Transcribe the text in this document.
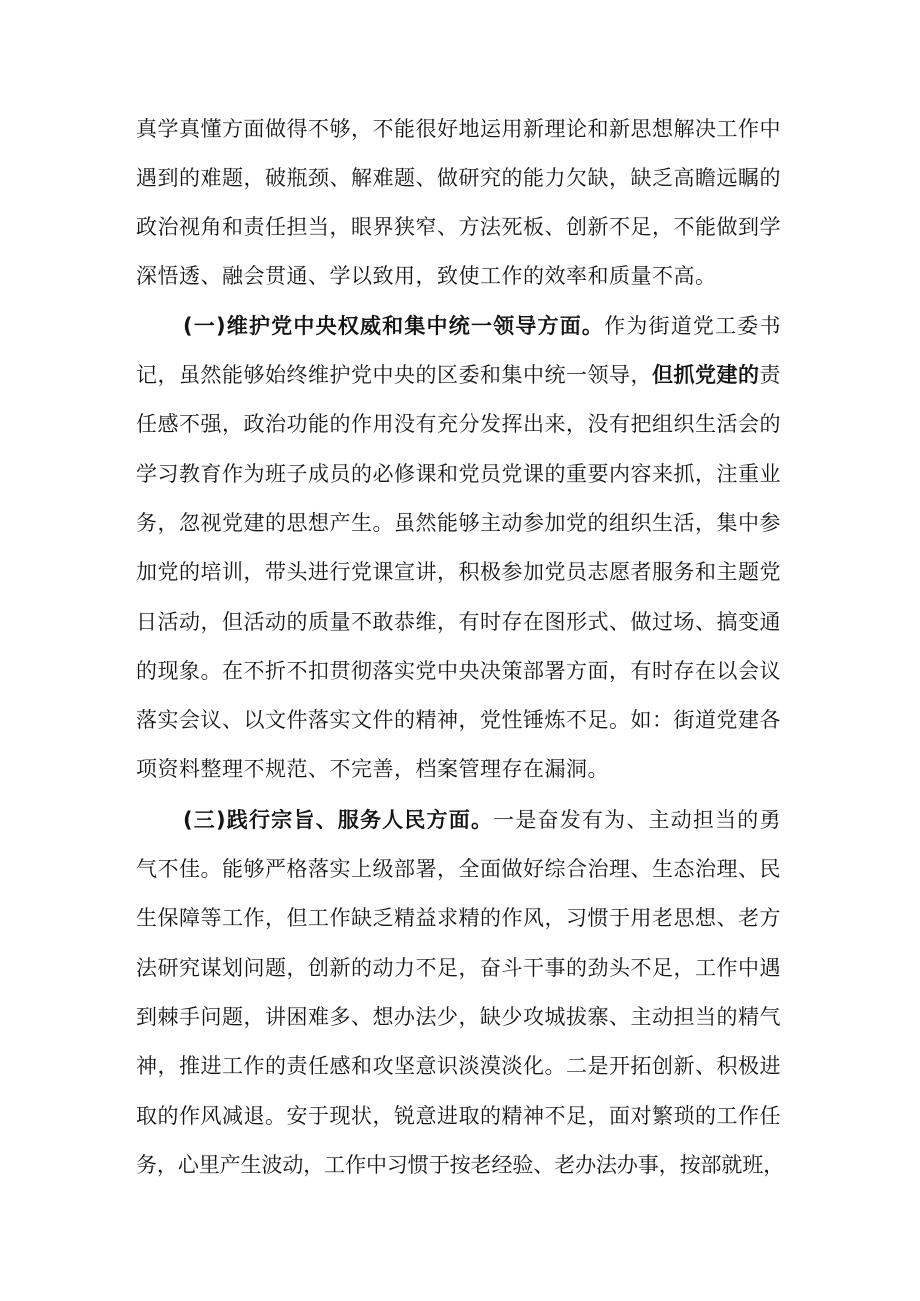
真学真懂方面做得不够，不能很好地运用新理论和新思想解决工作中
遇到的难题，破瓶颈、解难题、做研究的能力欠缺，缺乏高瞻远瞩的
政治视角和责任担当，眼界狭窄、方法死板、创新不足，不能做到学
深悟透、融会贯通、学以致用，致使工作的效率和质量不高。
(一)维护党中央权威和集中统一领导方面。作为街道党工委书
记，虽然能够始终维护党中央的区委和集中统一领导，但抓党建的责
任感不强，政治功能的作用没有充分发挥出来，没有把组织生活会的
学习教育作为班子成员的必修课和党员党课的重要内容来抓，注重业
务，忽视党建的思想产生。虽然能够主动参加党的组织生活，集中参
加党的培训，带头进行党课宣讲，积极参加党员志愿者服务和主题党
日活动，但活动的质量不敢恭维，有时存在图形式、做过场、搞变通
的现象。在不折不扣贯彻落实党中央决策部署方面，有时存在以会议
落实会议、以文件落实文件的精神，党性锤炼不足。如：街道党建各
项资料整理不规范、不完善，档案管理存在漏洞。
(三)践行宗旨、服务人民方面。一是奋发有为、主动担当的勇
气不佳。能够严格落实上级部署，全面做好综合治理、生态治理、民
生保障等工作，但工作缺乏精益求精的作风，习惯于用老思想、老方
法研究谋划问题，创新的动力不足，奋斗干事的劲头不足，工作中遇
到棘手问题，讲困难多、想办法少，缺少攻城拔寨、主动担当的精气
神，推进工作的责任感和攻坚意识淡漠淡化。二是开拓创新、积极进
取的作风减退。安于现状，锐意进取的精神不足，面对繁琐的工作任
务，心里产生波动，工作中习惯于按老经验、老办法办事，按部就班，
